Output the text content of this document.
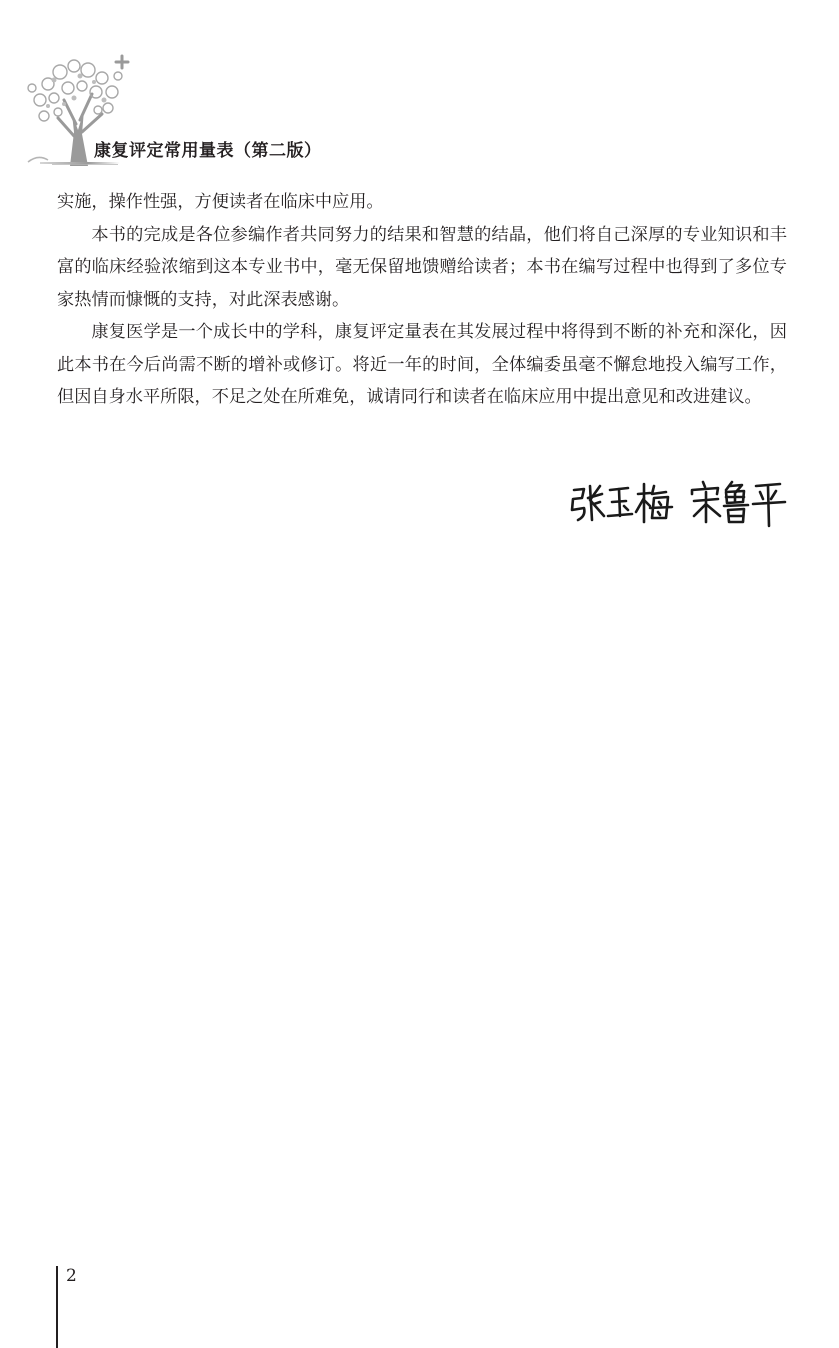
康复评定常用量表（第二版）

实施，操作性强，方便读者在临床中应用。

本书的完成是各位参编作者共同努力的结果和智慧的结晶，他们将自己深厚的专业知识和丰富的临床经验浓缩到这本专业书中，毫无保留地馈赠给读者；本书在编写过程中也得到了多位专家热情而慷慨的支持，对此深表感谢。

康复医学是一个成长中的学科，康复评定量表在其发展过程中将得到不断的补充和深化，因此本书在今后尚需不断的增补或修订。将近一年的时间，全体编委虽毫不懈怠地投入编写工作，但因自身水平所限，不足之处在所难免，诚请同行和读者在临床应用中提出意见和改进建议。

2
